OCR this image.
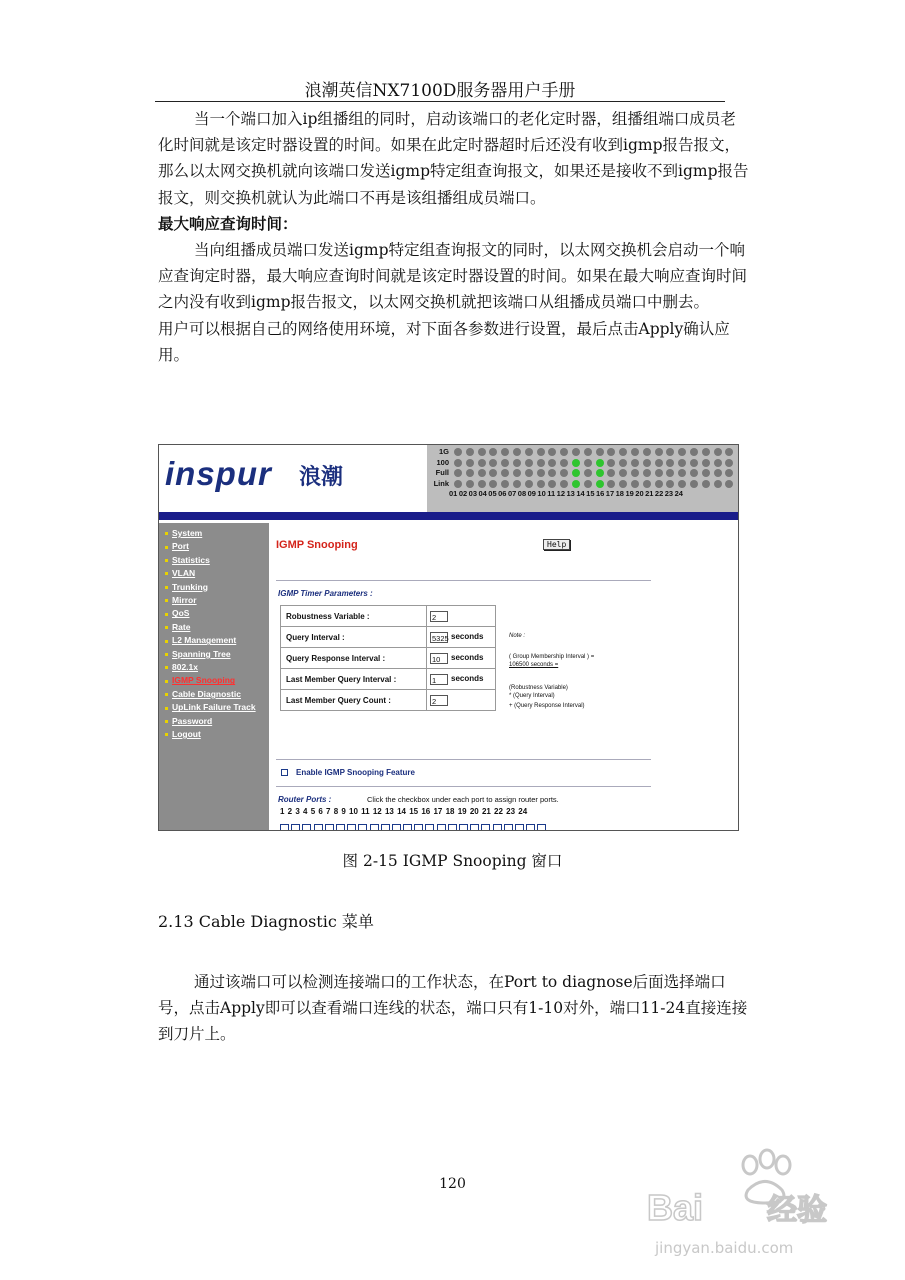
浪潮英信NX7100D服务器用户手册

当一个端口加入ip组播组的同时，启动该端口的老化定时器，组播组端口成员老化时间就是该定时器设置的时间。如果在此定时器超时后还没有收到igmp报告报文，那么以太网交换机就向该端口发送igmp特定组查询报文，如果还是接收不到igmp报告报文，则交换机就认为此端口不再是该组播组成员端口。

最大响应查询时间：

当向组播成员端口发送igmp特定组查询报文的同时，以太网交换机会启动一个响应查询定时器，最大响应查询时间就是该定时器设置的时间。如果在最大响应查询时间之内没有收到igmp报告报文，以太网交换机就把该端口从组播成员端口中删去。

用户可以根据自己的网络使用环境，对下面各参数进行设置，最后点击Apply确认应用。

inspur 浪潮
1G
100
Full
Link
01 02 03 04 05 06 07 08 09 10 11 12 13 14 15 16 17 18 19 20 21 22 23 24
System
Port
Statistics
VLAN
Trunking
Mirror
QoS
Rate
L2 Management
Spanning Tree
802.1x
IGMP Snooping
Cable Diagnostic
UpLink Failure Track
Password
Logout
IGMP Snooping	Help
IGMP Timer Parameters :
Robustness Variable :	2
Query Interval :	5325 seconds
Query Response Interval :	10 seconds
Last Member Query Interval :	1 seconds
Last Member Query Count :	2
Note :
( Group Membership Interval ) =
106500 seconds =
(Robustness Variable)
* (Query Interval)
+ (Query Response Interval)
Enable IGMP Snooping Feature
Router Ports :	Click the checkbox under each port to assign router ports.
1 2 3 4 5 6 7 8 9 10 11 12 13 14 15 16 17 18 19 20 21 22 23 24
图 2-15 IGMP Snooping 窗口
2.13 Cable Diagnostic 菜单
通过该端口可以检测连接端口的工作状态，在Port to diagnose后面选择端口号，点击Apply即可以查看端口连线的状态，端口只有1-10对外，端口11-24直接连接到刀片上。
120
Bai 经验
jingyan.baidu.com
